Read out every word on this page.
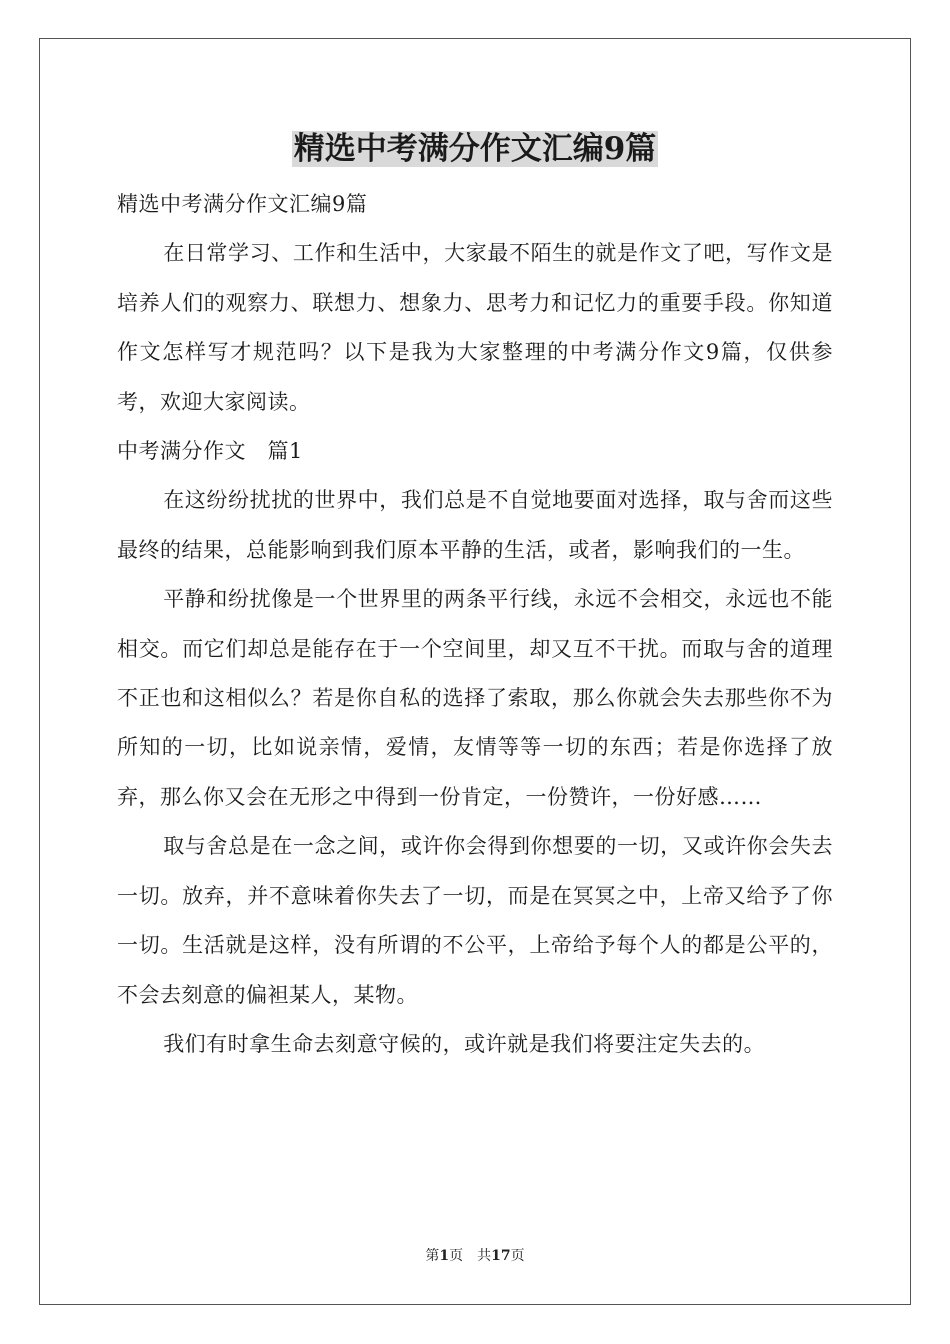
精选中考满分作文汇编9篇

精选中考满分作文汇编9篇

在日常学习、工作和生活中，大家最不陌生的就是作文了吧，写作文是培养人们的观察力、联想力、想象力、思考力和记忆力的重要手段。你知道作文怎样写才规范吗？以下是我为大家整理的中考满分作文9篇，仅供参考，欢迎大家阅读。

中考满分作文　篇1

在这纷纷扰扰的世界中，我们总是不自觉地要面对选择，取与舍而这些最终的结果，总能影响到我们原本平静的生活，或者，影响我们的一生。

平静和纷扰像是一个世界里的两条平行线，永远不会相交，永远也不能相交。而它们却总是能存在于一个空间里，却又互不干扰。而取与舍的道理不正也和这相似么？若是你自私的选择了索取，那么你就会失去那些你不为所知的一切，比如说亲情，爱情，友情等等一切的东西；若是你选择了放弃，那么你又会在无形之中得到一份肯定，一份赞许，一份好感……

取与舍总是在一念之间，或许你会得到你想要的一切，又或许你会失去一切。放弃，并不意味着你失去了一切，而是在冥冥之中，上帝又给予了你一切。生活就是这样，没有所谓的不公平，上帝给予每个人的都是公平的，不会去刻意的偏袒某人，某物。

我们有时拿生命去刻意守候的，或许就是我们将要注定失去的。

第1页　共17页
